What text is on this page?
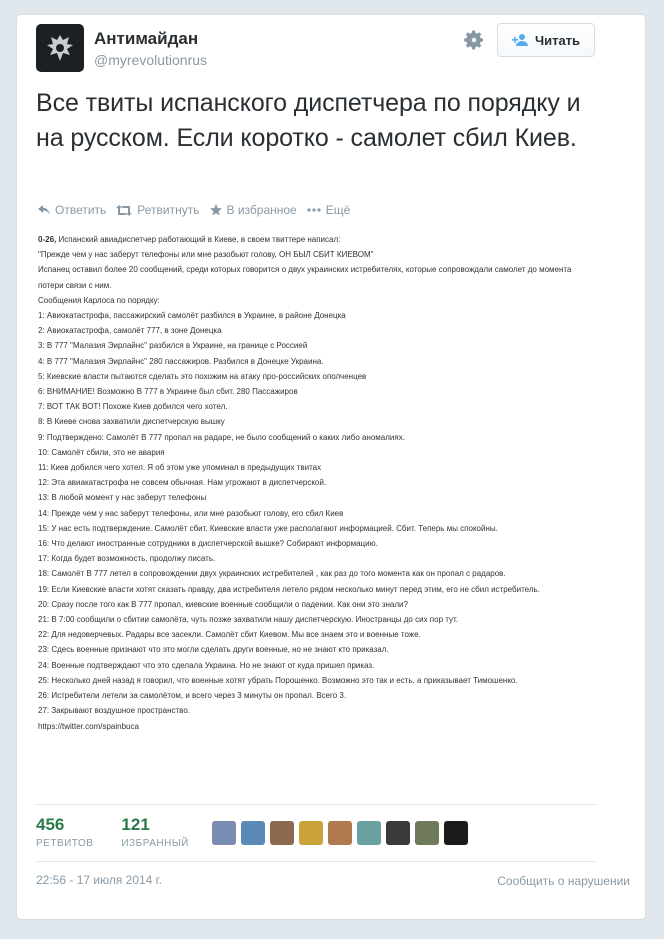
Антимайдан
@myrevolutionrus
Читать
Все твиты испанского диспетчера по порядку и на русском. Если коротко - самолет сбил Киев.
Ответить	Ретвитнуть В избранное Ещё

0-26, Испанский авиадиспетчер работающий в Киеве, в своем твиттере написал:

"Прежде чем у нас заберут телефоны или мне разобьют голову, ОН БЫЛ СБИТ КИЕВОМ"

Испанец оставил более 20 сообщений, среди которых говорится о двух украинских истребителях, которые сопровождали самолет до момента потери связи с ним.

Сообщения Карлоса по порядку:

1: Авиокатастрофа, пассажирский самолёт разбился в Украине, в районе Донецка

2: Авиокатастрофа, самолёт 777, в зоне Донецка

3: В 777 "Малазия Эирлайнс" разбился в Украине, на границе с Россией

4: В 777 "Малазия Эирлайнс" 280 пассажиров. Разбился в Донецке Украина.

5: Киевские власти пытаются сделать это похожим на атаку про-российских ополченцев

6: ВНИМАНИЕ! Возможно В 777 в Украине был сбит. 280 Пассажиров

7: ВОТ ТАК ВОТ! Похоже Киев добился чего хотел.

8: В Киеве снова захватили диспетчерскую вышку

9: Подтверждено: Самолёт В 777 пропал на радаре, не было сообщений о каких либо аномалиях.

10: Самолёт сбили, это не авария

11: Киев добился чего хотел. Я об этом уже упоминал в предыдущих твитах

12: Эта авиакатастрофа не совсем обычная. Нам угрожают в диспетчерской.

13: В любой момент у нас заберут телефоны

14: Прежде чем у нас заберут телефоны, или мне разобьют голову, его сбил Киев

15: У нас есть подтверждение. Самолёт сбит. Киевские власти уже располагают информацией. Сбит. Теперь мы спокойны.

16: Что делают иностранные сотрудники в диспетчерской вышке? Собирают информацию.

17: Когда будет возможность, продолжу писать.

18: Самолёт В 777 летел в сопровождении двух украинских истребителей , как раз до того момента как он пропал с радаров.

19: Если Киевские власти хотят сказать правду, два истребителя летело рядом несколько минут перед этим, его не сбил истребитель.

20: Сразу после того как В 777 пропал, киевские военные сообщили о падении. Как они это знали?

21: В 7:00 сообщили о сбитии самолёта, чуть позже захватили нашу диспетчерскую. Иностранцы до сих пор тут.

22: Для недоверчевых. Радары все засекли. Самолёт сбит Киевом. Мы все знаем это и военные тоже.

23: Сдесь военные признают что это могли сделать други военные, но не знают кто приказал.

24: Военные подтверждают что это сделала Украина. Но не знают от куда пришел приказ.

25: Несколько дней назад я говорил, что военные хотят убрать Порошенко. Возможно это так и есть, а приказывает Тимошенко.

26: Истребители летели за самолётом, и всего через 3 минуты он пропал. Всего 3.

27: Закрывают воздушное пространство.

https://twitter.com/spainbuca

456
РЕТВИТОВ
121
ИЗБРАННЫЙ
22:56 - 17 июля 2014 г.	Сообщить о нарушении
